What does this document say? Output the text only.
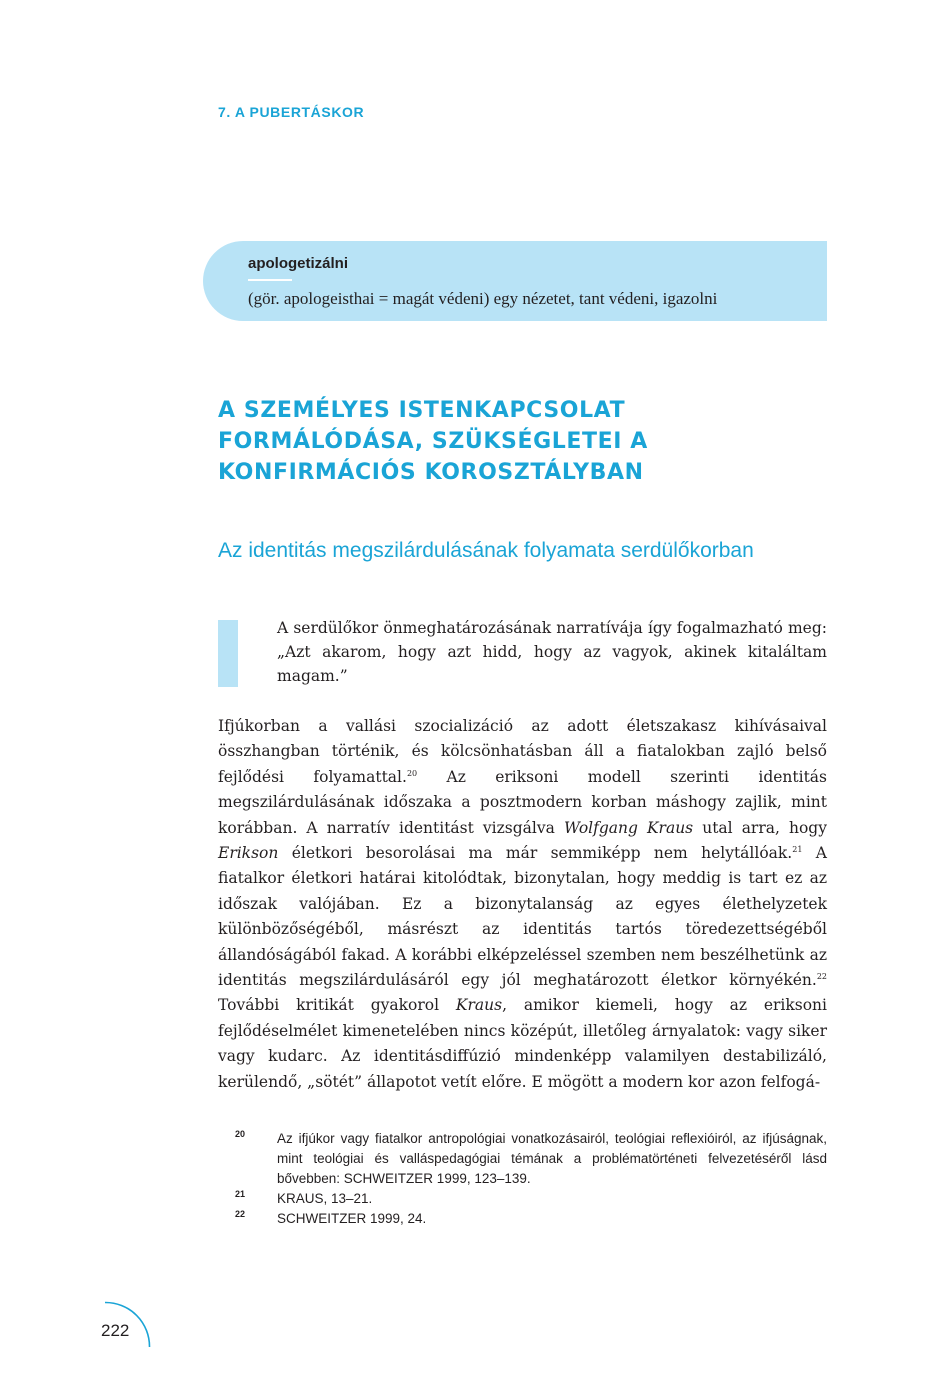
7. A PUBERTÁSKOR
apologetizálni
(gör. apologeisthai = magát védeni) egy nézetet, tant védeni, igazolni
A SZEMÉLYES ISTENKAPCSOLAT FORMÁLÓDÁSA, SZÜKSÉGLETEI A KONFIRMÁCIÓS KOROSZTÁLYBAN
Az identitás megszilárdulásának folyamata serdülőkorban

A serdülőkor önmeghatározásának narratívája így fogalmazható meg: „Azt akarom, hogy azt hidd, hogy az vagyok, akinek kitaláltam magam.”

Ifjúkorban a vallási szocializáció az adott életszakasz kihívásaival összhangban történik, és kölcsönhatásban áll a fiatalokban zajló belső fejlődési folyamattal.$^{20}$ Az eriksoni modell szerinti identitás megszilárdulásának időszaka a posztmodern korban máshogy zajlik, mint korábban. A narratív identitást vizsgálva Wolfgang Kraus utal arra, hogy Erikson életkori besorolásai ma már semmiképp nem helytállóak.$^{21}$ A fiatalkor életkori határai kitolódtak, bizonytalan, hogy meddig is tart ez az időszak valójában. Ez a bizonytalanság az egyes élethelyzetek különbözőségéből, másrészt az identitás tartós töredezettségéből állandóságából fakad. A korábbi elképzeléssel szemben nem beszélhetünk az identitás megszilárdulásáról egy jól meghatározott életkor környékén.$^{22}$ További kritikát gyakorol Kraus, amikor kiemeli, hogy az eriksoni fejlődéselmélet kimenetelében nincs középút, illetőleg árnyalatok: vagy siker vagy kudarc. Az identitásdiffúzió mindenképp valamilyen destabilizáló, kerülendő, „sötét” állapotot vetít előre. E mögött a modern kor azon felfogá-

20 Az ifjúkor vagy fiatalkor antropológiai vonatkozásairól, teológiai reflexióiról, az ifjúságnak, mint teológiai és valláspedagógiai témának a problématörténeti felvezetéséről lásd bővebben: SCHWEITZER 1999, 123–139.
21 KRAUS, 13–21.
22 SCHWEITZER 1999, 24.
222
